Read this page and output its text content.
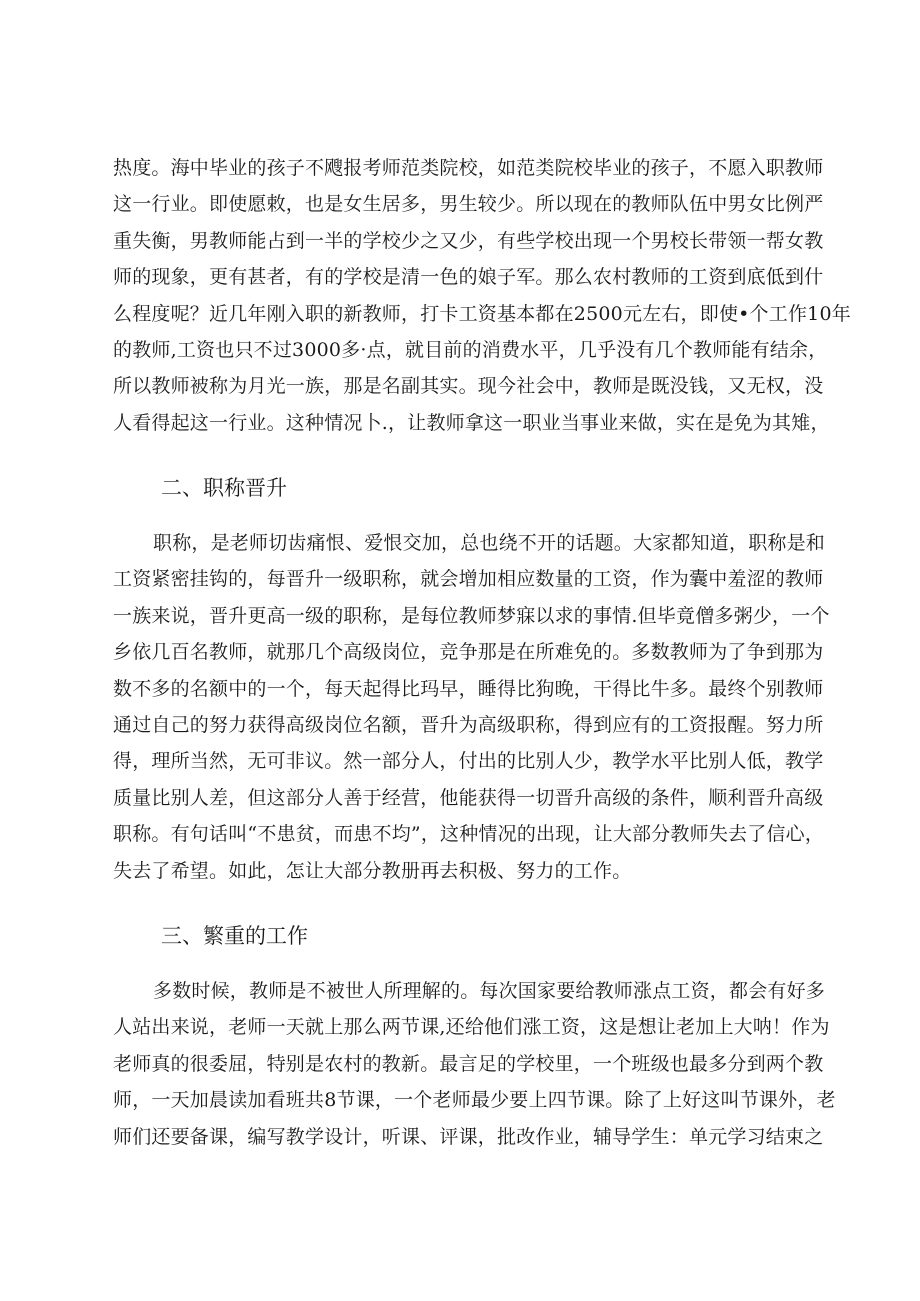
热度。海中毕业的孩子不飕报考师范类院校，如范类院校毕业的孩子，不愿入职教师
这一行业。即使愿敕，也是女生居多，男生较少。所以现在的教师队伍中男女比例严
重失衡，男教师能占到一半的学校少之又少，有些学校出现一个男校长带领一帮女教
师的现象，更有甚者，有的学校是清一色的娘子军。那么农村教师的工资到底低到什
么程度呢？近几年刚入职的新教师，打卡工资基本都在2500元左右，即使•个工作10年
的教师,工资也只不过3000多·点，就目前的消费水平，几乎没有几个教师能有结余，
所以教师被称为月光一族，那是名副其实。现今社会中，教师是既没钱，又无权，没
人看得起这一行业。这种情况卜.，让教师拿这一职业当事业来做，实在是免为其雉，
二、职称晋升
职称，是老师切齿痛恨、爱恨交加，总也绕不开的话题。大家都知道，职称是和
工资紧密挂钩的，每晋升一级职称，就会增加相应数量的工资，作为囊中羞涩的教师
一族来说，晋升更高一级的职称，是每位教师梦寐以求的事情.但毕竟僧多粥少，一个
乡依几百名教师，就那几个高级岗位，竞争那是在所难免的。多数教师为了争到那为
数不多的名额中的一个，每天起得比玛早，睡得比狗晚，干得比牛多。最终个别教师
通过自己的努力获得高级岗位名额，晋升为高级职称，得到应有的工资报醒。努力所
得，理所当然，无可非议。然一部分人，付出的比别人少，教学水平比别人低，教学
质量比别人差，但这部分人善于经营，他能获得一切晋升高级的条件，顺利晋升高级
职称。有句话叫“不患贫，而患不均”，这种情况的出现，让大部分教师失去了信心，
失去了希望。如此，怎让大部分教册再去积极、努力的工作。
三、繁重的工作
多数时候，教师是不被世人所理解的。每次国家要给教师涨点工资，都会有好多
人站出来说，老师一天就上那么两节课,还给他们涨工资，这是想让老加上大呐！作为
老师真的很委屈，特别是农村的教新。最言足的学校里，一个班级也最多分到两个教
师，一天加晨读加看班共8节课，一个老师最少要上四节课。除了上好这叫节课外，老
师们还要备课，编写教学设计，听课、评课，批改作业，辅导学生：单元学习结束之
